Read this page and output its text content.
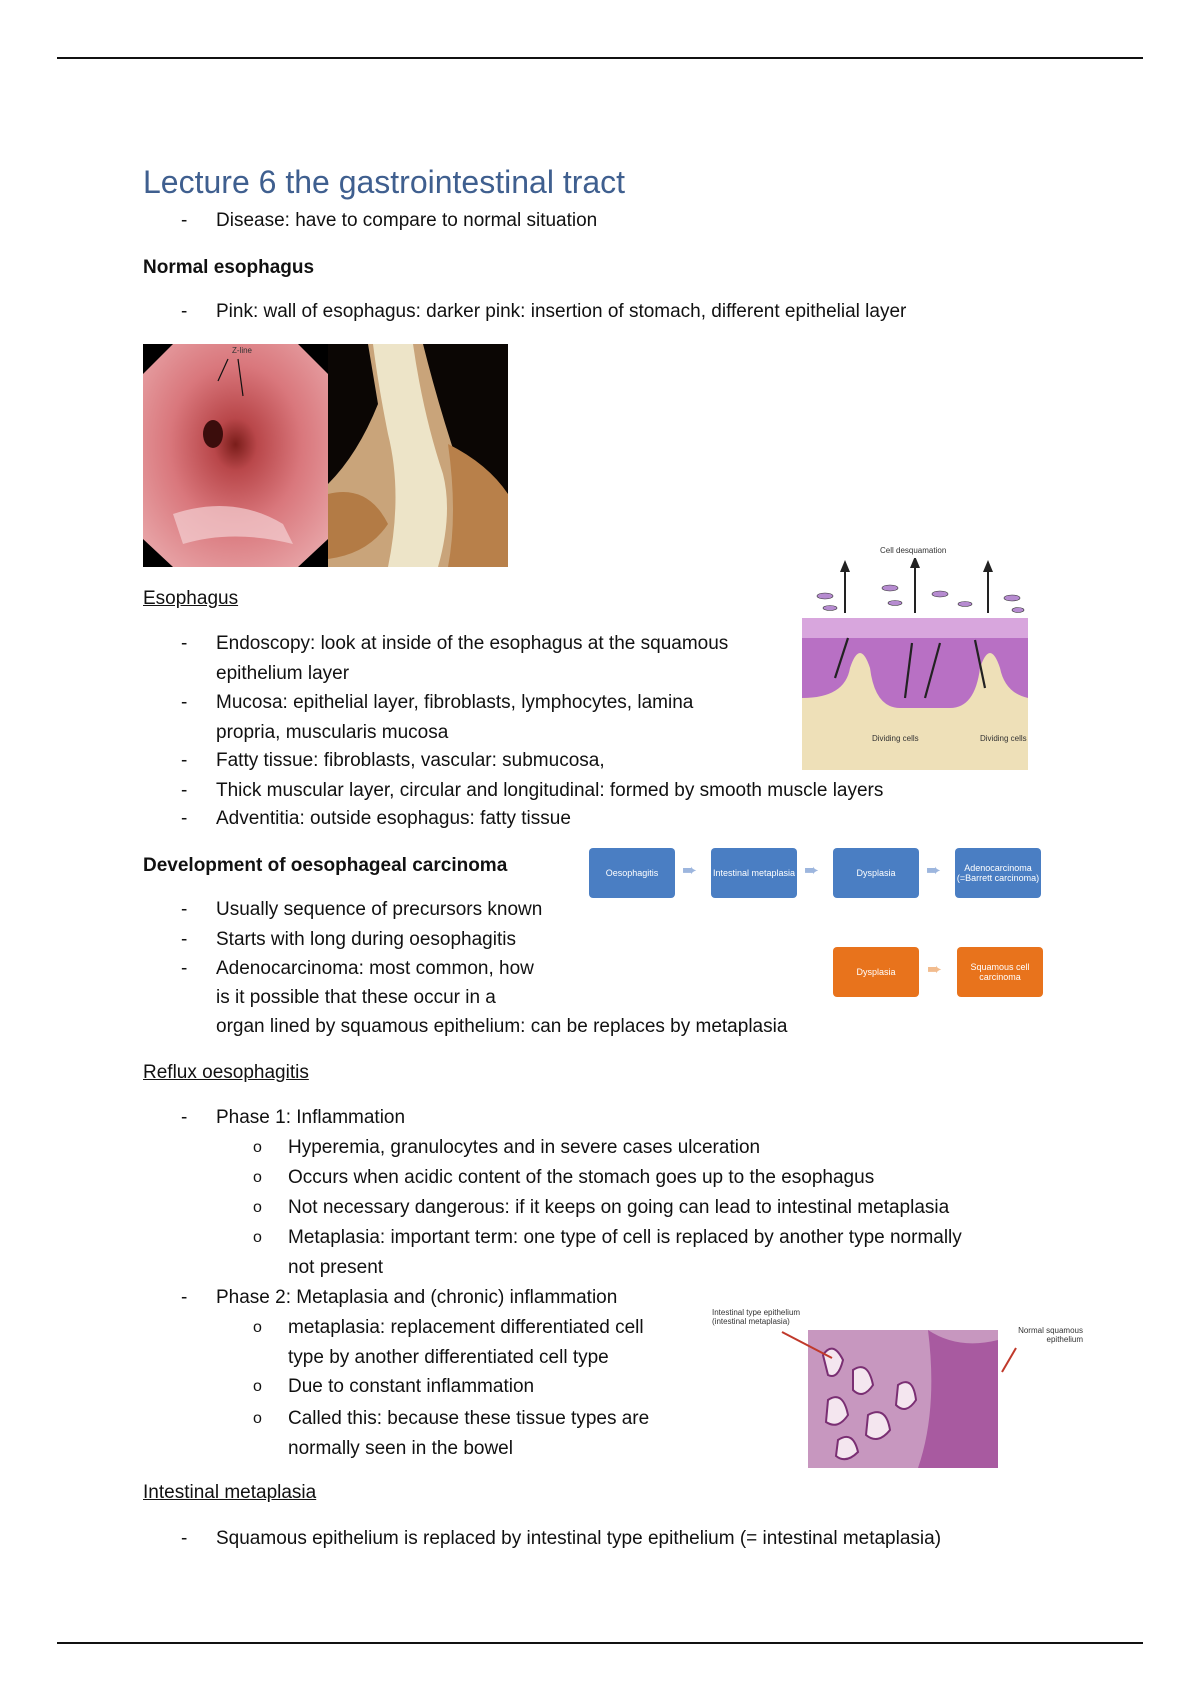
Lecture 6 the gastrointestinal tract
- Disease: have to compare to normal situation
Normal esophagus
- Pink: wall of esophagus: darker pink: insertion of stomach, different epithelial layer
Z-line
Esophagus
- Endoscopy: look at inside of the esophagus at the squamous
epithelium layer
- Mucosa: epithelial layer, fibroblasts, lymphocytes, lamina
propria, muscularis mucosa
- Fatty tissue: fibroblasts, vascular: submucosa,
- Thick muscular layer, circular and longitudinal: formed by smooth muscle layers
- Adventitia: outside esophagus: fatty tissue
Cell desquamation
Dividing cells	Dividing cells
Development of oesophageal carcinoma
- Usually sequence of precursors known
- Starts with long during oesophagitis
- Adenocarcinoma: most common, how
is it possible that these occur in a
organ lined by squamous epithelium: can be replaces by metaplasia
Oesophagitis	➨ Intestinal metaplasia ➨	Dysplasia	➨	Adenocarcinoma (=Barrett carcinoma)
Dysplasia	➨	Squamous cell carcinoma
Reflux oesophagitis
- Phase 1: Inflammation
o Hyperemia, granulocytes and in severe cases ulceration
o Occurs when acidic content of the stomach goes up to the esophagus
o Not necessary dangerous: if it keeps on going can lead to intestinal metaplasia
o Metaplasia: important term: one type of cell is replaced by another type normally
not present
- Phase 2: Metaplasia and (chronic) inflammation
o metaplasia: replacement differentiated cell
type by another differentiated cell type
o Due to constant inflammation
o Called this: because these tissue types are
normally seen in the bowel
Intestinal type epithelium (intestinal metaplasia)
Normal squamous epithelium
Intestinal metaplasia
- Squamous epithelium is replaced by intestinal type epithelium (= intestinal metaplasia)
